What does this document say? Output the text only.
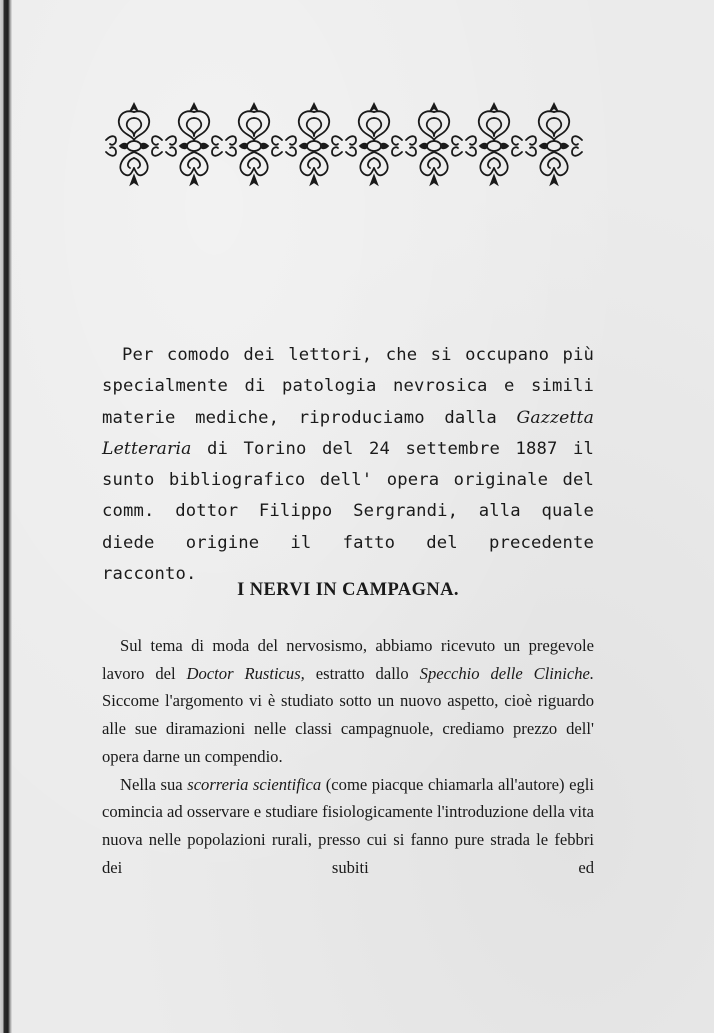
Per comodo dei lettori, che si occupano più specialmente di patologia nevrosica e simili materie mediche, riproduciamo dalla Gazzetta Letteraria di Torino del 24 settembre 1887 il sunto bibliografico dell' opera originale del comm. dottor Filippo Sergrandi, alla quale diede origine il fatto del precedente racconto.

I NERVI IN CAMPAGNA.

Sul tema di moda del nervosismo, abbiamo ricevuto un pregevole lavoro del Doctor Rusticus, estratto dallo Specchio delle Cliniche. Siccome l'argomento vi è studiato sotto un nuovo aspetto, cioè riguardo alle sue diramazioni nelle classi campagnuole, crediamo prezzo dell' opera darne un compendio.

Nella sua scorreria scientifica (come piacque chiamarla all'autore) egli comincia ad osservare e studiare fisiologicamente l'introduzione della vita nuova nelle popolazioni rurali, presso cui si fanno pure strada le febbri dei subiti ed
